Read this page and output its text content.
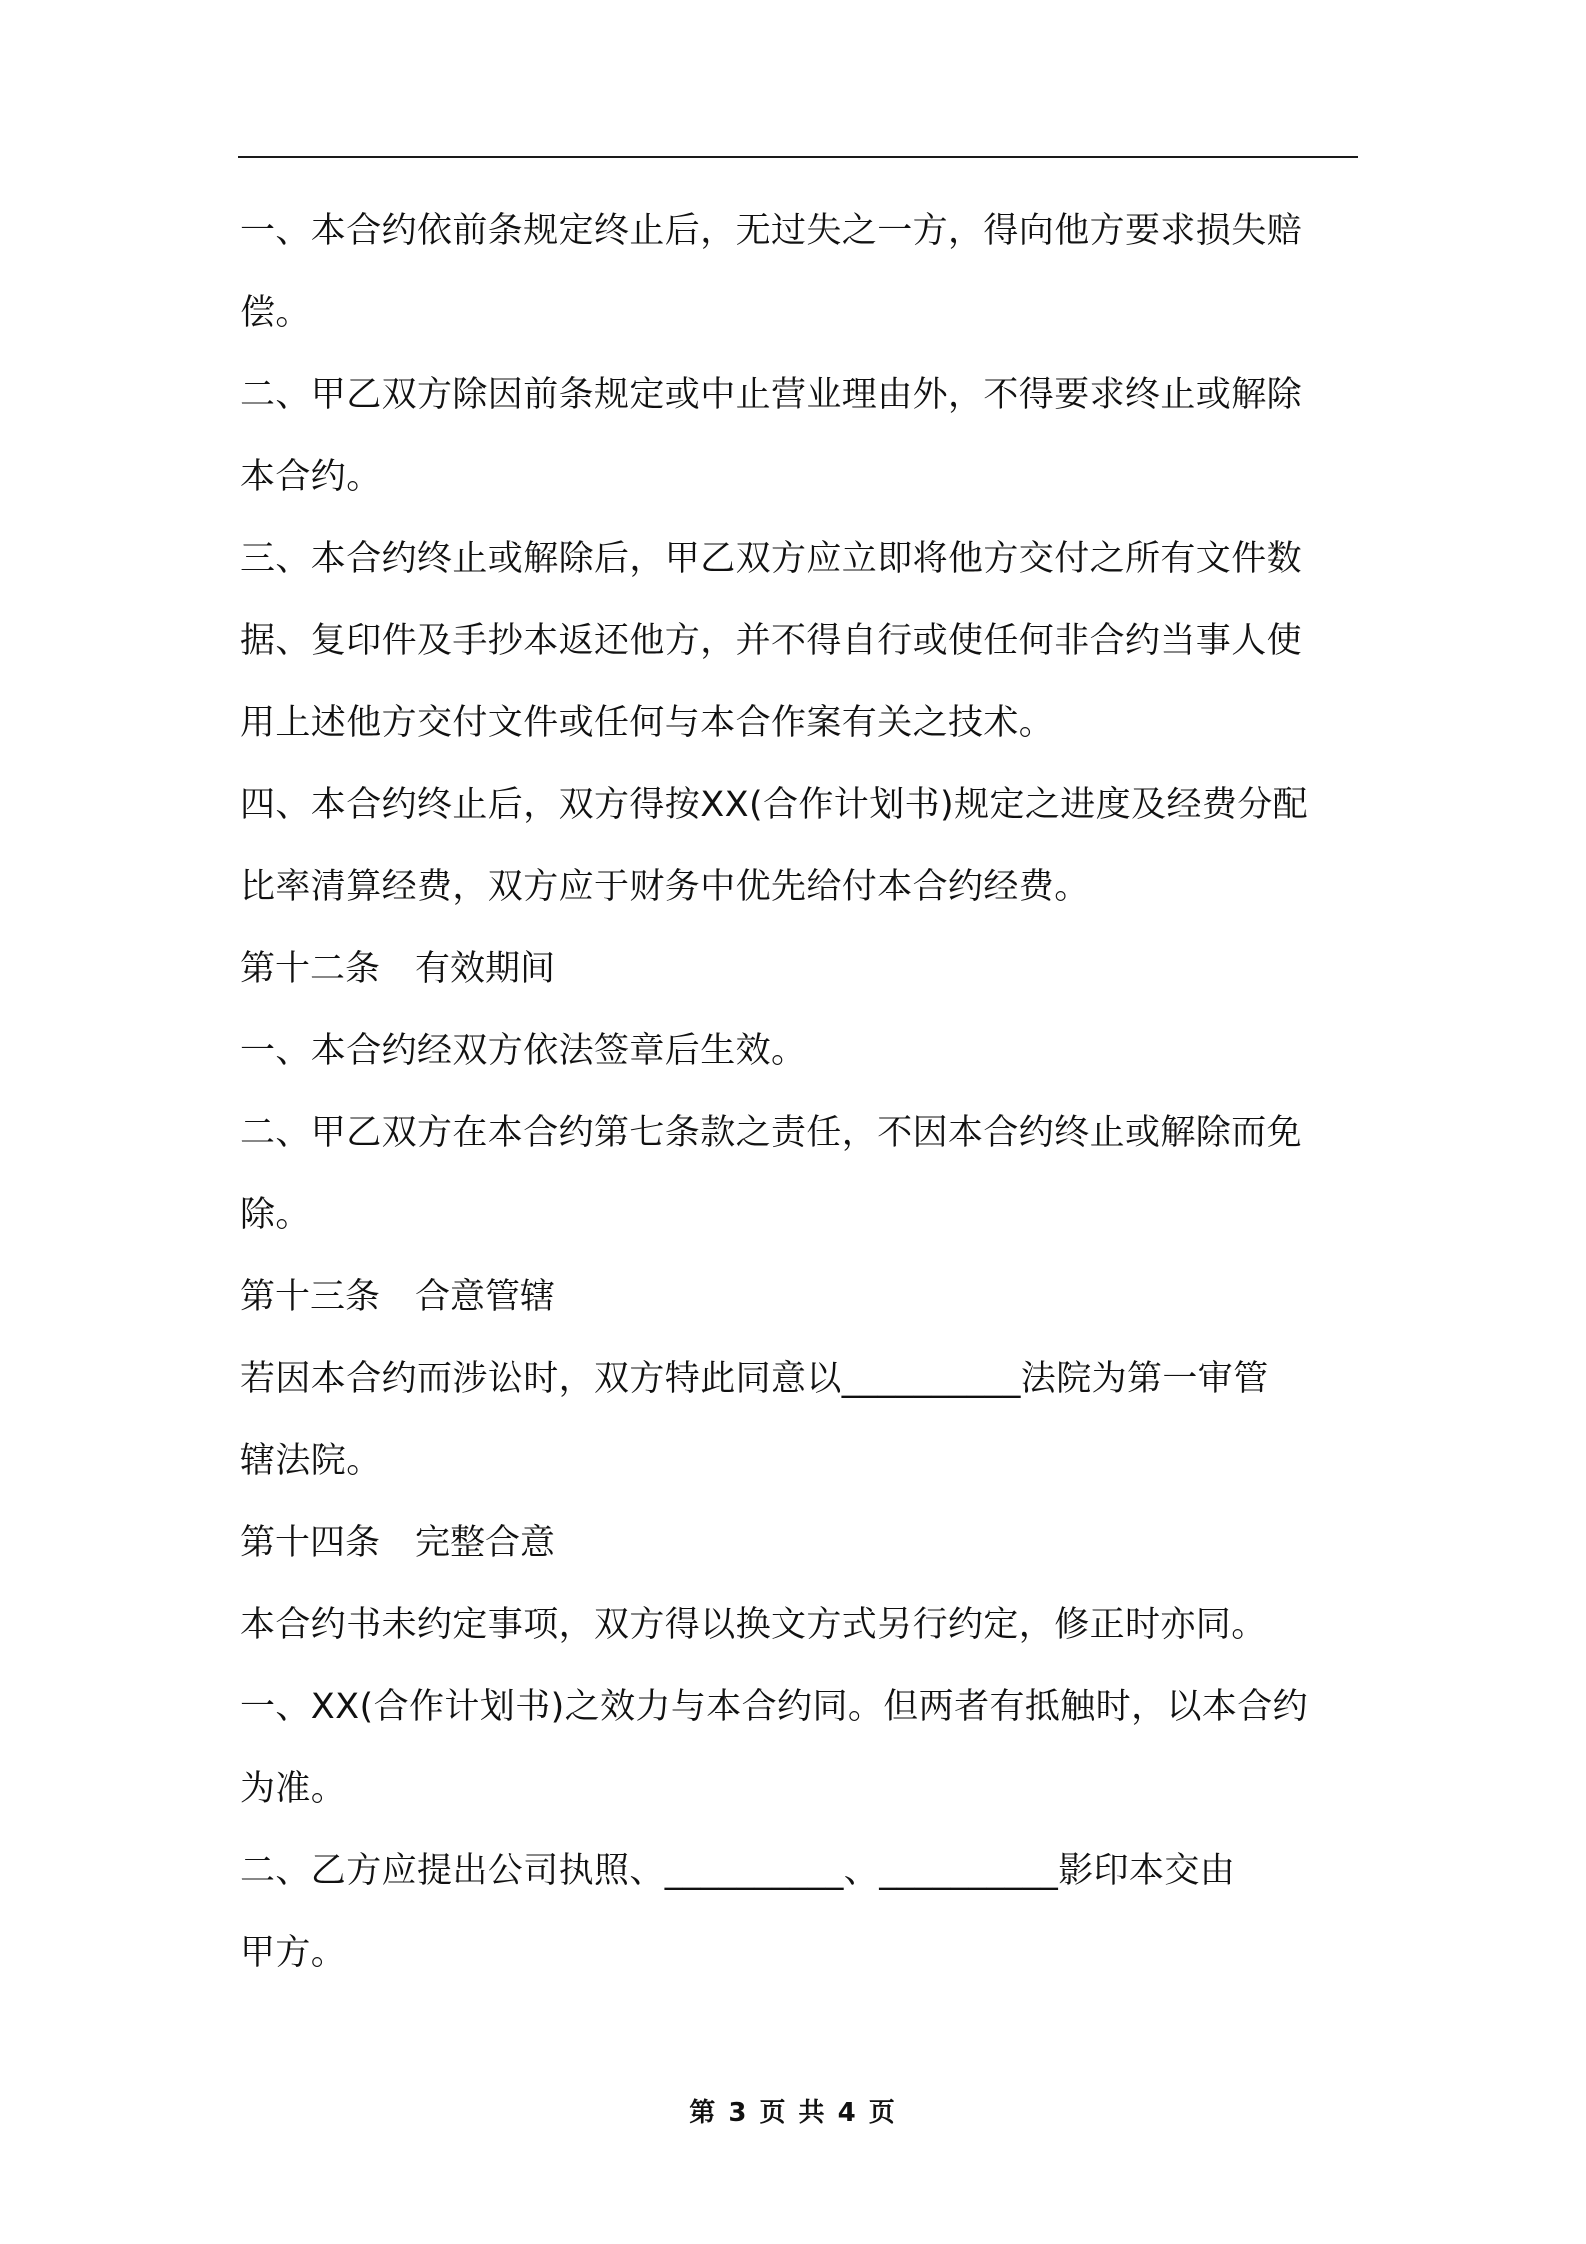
一、本合约依前条规定终止后，无过失之一方，得向他方要求损失赔

偿。

二、甲乙双方除因前条规定或中止营业理由外，不得要求终止或解除

本合约。

三、本合约终止或解除后，甲乙双方应立即将他方交付之所有文件数

据、复印件及手抄本返还他方，并不得自行或使任何非合约当事人使

用上述他方交付文件或任何与本合作案有关之技术。

四、本合约终止后，双方得按XX(合作计划书)规定之进度及经费分配

比率清算经费，双方应于财务中优先给付本合约经费。

第十二条　有效期间

一、本合约经双方依法签章后生效。

二、甲乙双方在本合约第七条款之责任，不因本合约终止或解除而免

除。

第十三条　合意管辖

若因本合约而涉讼时，双方特此同意以__________法院为第一审管

辖法院。

第十四条　完整合意

本合约书未约定事项，双方得以换文方式另行约定，修正时亦同。

一、XX(合作计划书)之效力与本合约同。但两者有抵触时，以本合约

为准。

二、乙方应提出公司执照、__________、__________影印本交由

甲方。

第 3 页 共 4 页
